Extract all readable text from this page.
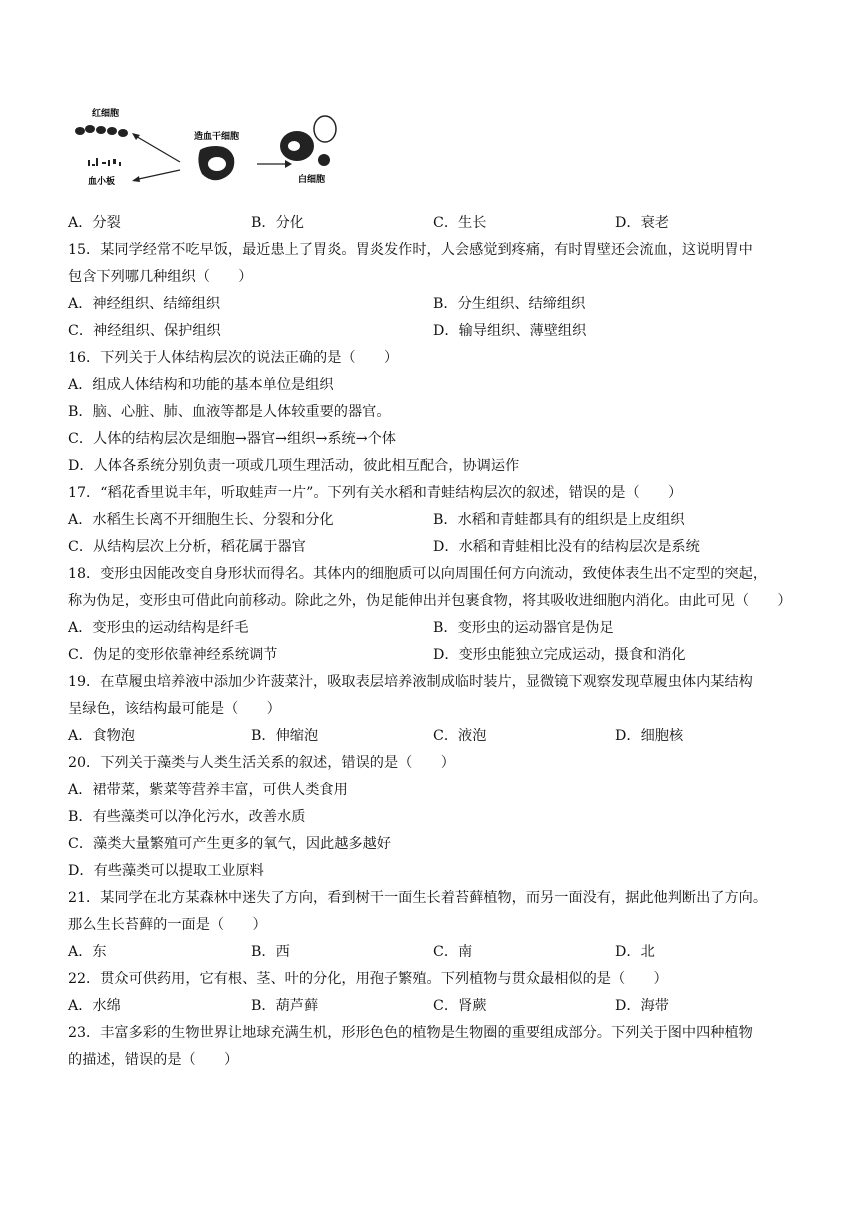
红细胞
血小板
造血干细胞
白细胞
A．分裂	B．分化	C．生长	D．衰老
15．某同学经常不吃早饭，最近患上了胃炎。胃炎发作时，人会感觉到疼痛，有时胃壁还会流血，这说明胃中
包含下列哪几种组织（　　）
A．神经组织、结缔组织	B．分生组织、结缔组织
C．神经组织、保护组织	D．输导组织、薄壁组织
16．下列关于人体结构层次的说法正确的是（　　）
A．组成人体结构和功能的基本单位是组织
B．脑、心脏、肺、血液等都是人体较重要的器官。
C．人体的结构层次是细胞→器官→组织→系统→个体
D．人体各系统分别负责一项或几项生理活动，彼此相互配合，协调运作
17．“稻花香里说丰年，听取蛙声一片”。下列有关水稻和青蛙结构层次的叙述，错误的是（　　）
A．水稻生长离不开细胞生长、分裂和分化	B．水稻和青蛙都具有的组织是上皮组织
C．从结构层次上分析，稻花属于器官	D．水稻和青蛙相比没有的结构层次是系统
18．变形虫因能改变自身形状而得名。其体内的细胞质可以向周围任何方向流动，致使体表生出不定型的突起，
称为伪足，变形虫可借此向前移动。除此之外，伪足能伸出并包裹食物，将其吸收进细胞内消化。由此可见（　　）
A．变形虫的运动结构是纤毛	B．变形虫的运动器官是伪足
C．伪足的变形依靠神经系统调节	D．变形虫能独立完成运动，摄食和消化
19．在草履虫培养液中添加少许菠菜汁，吸取表层培养液制成临时装片，显微镜下观察发现草履虫体内某结构
呈绿色，该结构最可能是（　　）
A．食物泡	B．伸缩泡	C．液泡	D．细胞核
20．下列关于藻类与人类生活关系的叙述，错误的是（　　）
A．裙带菜，紫菜等营养丰富，可供人类食用
B．有些藻类可以净化污水，改善水质
C．藻类大量繁殖可产生更多的氧气，因此越多越好
D．有些藻类可以提取工业原料
21．某同学在北方某森林中迷失了方向，看到树干一面生长着苔藓植物，而另一面没有，据此他判断出了方向。
那么生长苔藓的一面是（　　）
A．东	B．西	C．南	D．北
22．贯众可供药用，它有根、茎、叶的分化，用孢子繁殖。下列植物与贯众最相似的是（　　）
A．水绵	B．葫芦藓	C．肾蕨	D．海带
23．丰富多彩的生物世界让地球充满生机，形形色色的植物是生物圈的重要组成部分。下列关于图中四种植物
的描述，错误的是（　　）
